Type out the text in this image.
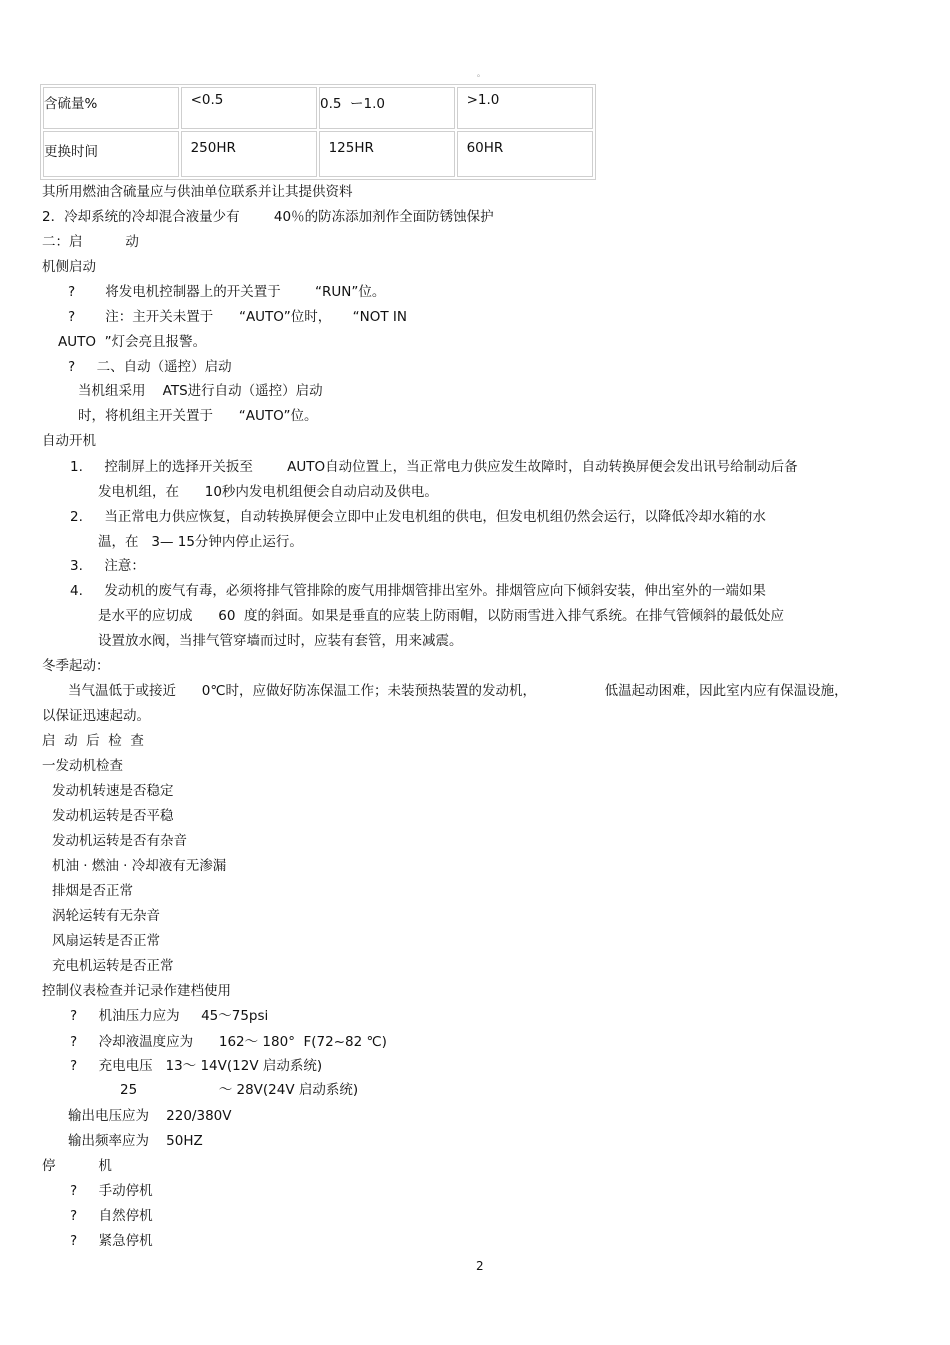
。
含硫量%	<0.5	0.5  ー1.0	>1.0
更换时间	250HR	125HR	60HR
其所用燃油含硫量应与供油单位联系并让其提供资料
2．冷却系统的冷却混合液量少有        40％的防冻添加剂作全面防锈蚀保护
二：启          动
机侧启动
?       将发电机控制器上的开关置于        “RUN”位。
?       注：主开关未置于      “AUTO”位时，     “NOT IN
AUTO  ”灯会亮且报警。
?     二、自动（遥控）启动
当机组采用    ATS进行自动（遥控）启动
时，将机组主开关置于      “AUTO”位。
自动开机
1.     控制屏上的选择开关扳至        AUTO自动位置上，当正常电力供应发生故障时，自动转换屏便会发出讯号给制动后备
发电机组，在      10秒内发电机组便会自动启动及供电。
2.     当正常电力供应恢复，自动转换屏便会立即中止发电机组的供电，但发电机组仍然会运行，以降低冷却水箱的水
温，在   3— 15分钟内停止运行。
3.     注意：
4.     发动机的废气有毒，必须将排气管排除的废气用排烟管排出室外。排烟管应向下倾斜安装，伸出室外的一端如果
是水平的应切成      60  度的斜面。如果是垂直的应装上防雨帽，以防雨雪进入排气系统。在排气管倾斜的最低处应
设置放水阀，当排气管穿墙而过时，应装有套管，用来减震。
冬季起动：
当气温低于或接近      0℃时，应做好防冻保温工作；未装预热装置的发动机，                低温起动困难，因此室内应有保温设施，
以保证迅速起动。
启  动  后  检  查
一发动机检查
发动机转速是否稳定
发动机运转是否平稳
发动机运转是否有杂音
机油 · 燃油 · 冷却液有无渗漏
排烟是否正常
涡轮运转有无杂音
风扇运转是否正常
充电机运转是否正常
控制仪表检查并记录作建档使用
?     机油压力应为     45～75psi
?     冷却液温度应为      162～ 180°  F(72~82 ℃)
?     充电电压   13～ 14V(12V 启动系统)
25                   ～ 28V(24V 启动系统)
输出电压应为    220/380V
输出频率应为    50HZ
停          机
?     手动停机
?     自然停机
?     紧急停机
2
